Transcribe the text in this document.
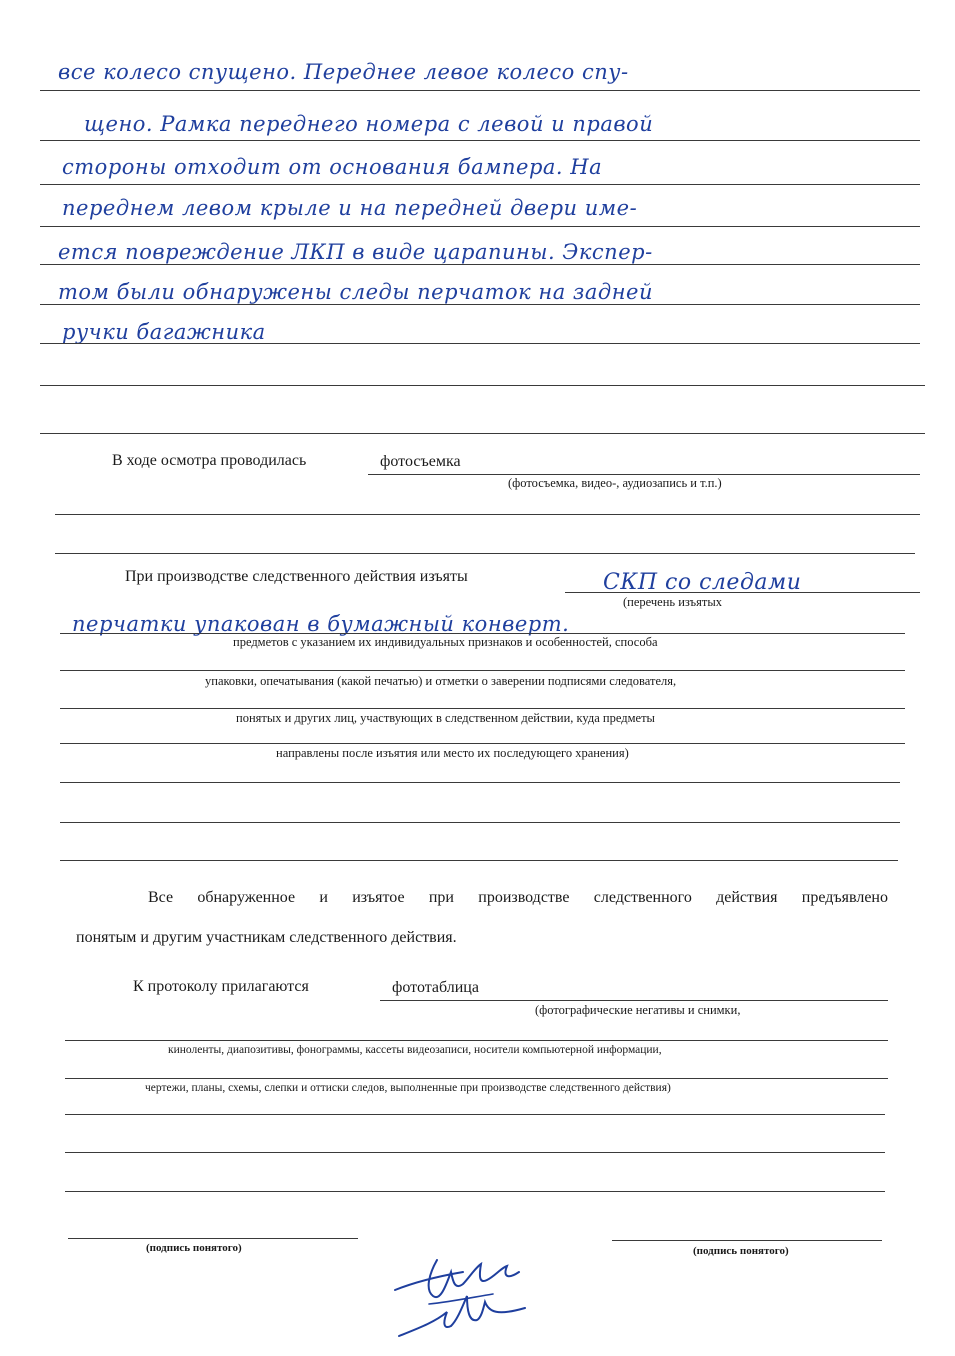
все колесо спущено. Переднее левое колесо спу-
щено. Рамка переднего номера с левой и правой
стороны отходит от основания бампера. На
переднем левом крыле и на передней двери име-
ется повреждение ЛКП в виде царапины. Экспер-
том были обнаружены следы перчаток на задней
ручки багажника
В ходе осмотра проводилась	фотосъемка
(фотосъемка, видео-, аудиозапись и т.п.)
При производстве следственного действия изъяты	СКП со следами
(перечень изъятых
перчатки упакован в бумажный конверт.
предметов с указанием их индивидуальных признаков и особенностей, способа
упаковки, опечатывания (какой печатью) и отметки о заверении подписями следователя,
понятых и других лиц, участвующих в следственном действии, куда предметы
направлены после изъятия или место их последующего хранения)
Все обнаруженное и изъятое при производстве следственного действия предъявлено
понятым и другим участникам следственного действия.
К протоколу прилагаются	фототаблица
(фотографические негативы и снимки,
киноленты, диапозитивы, фонограммы, кассеты видеозаписи, носители компьютерной информации,
чертежи, планы, схемы, слепки и оттиски следов, выполненные при производстве следственного действия)
(подпись понятого)	(подпись понятого)
